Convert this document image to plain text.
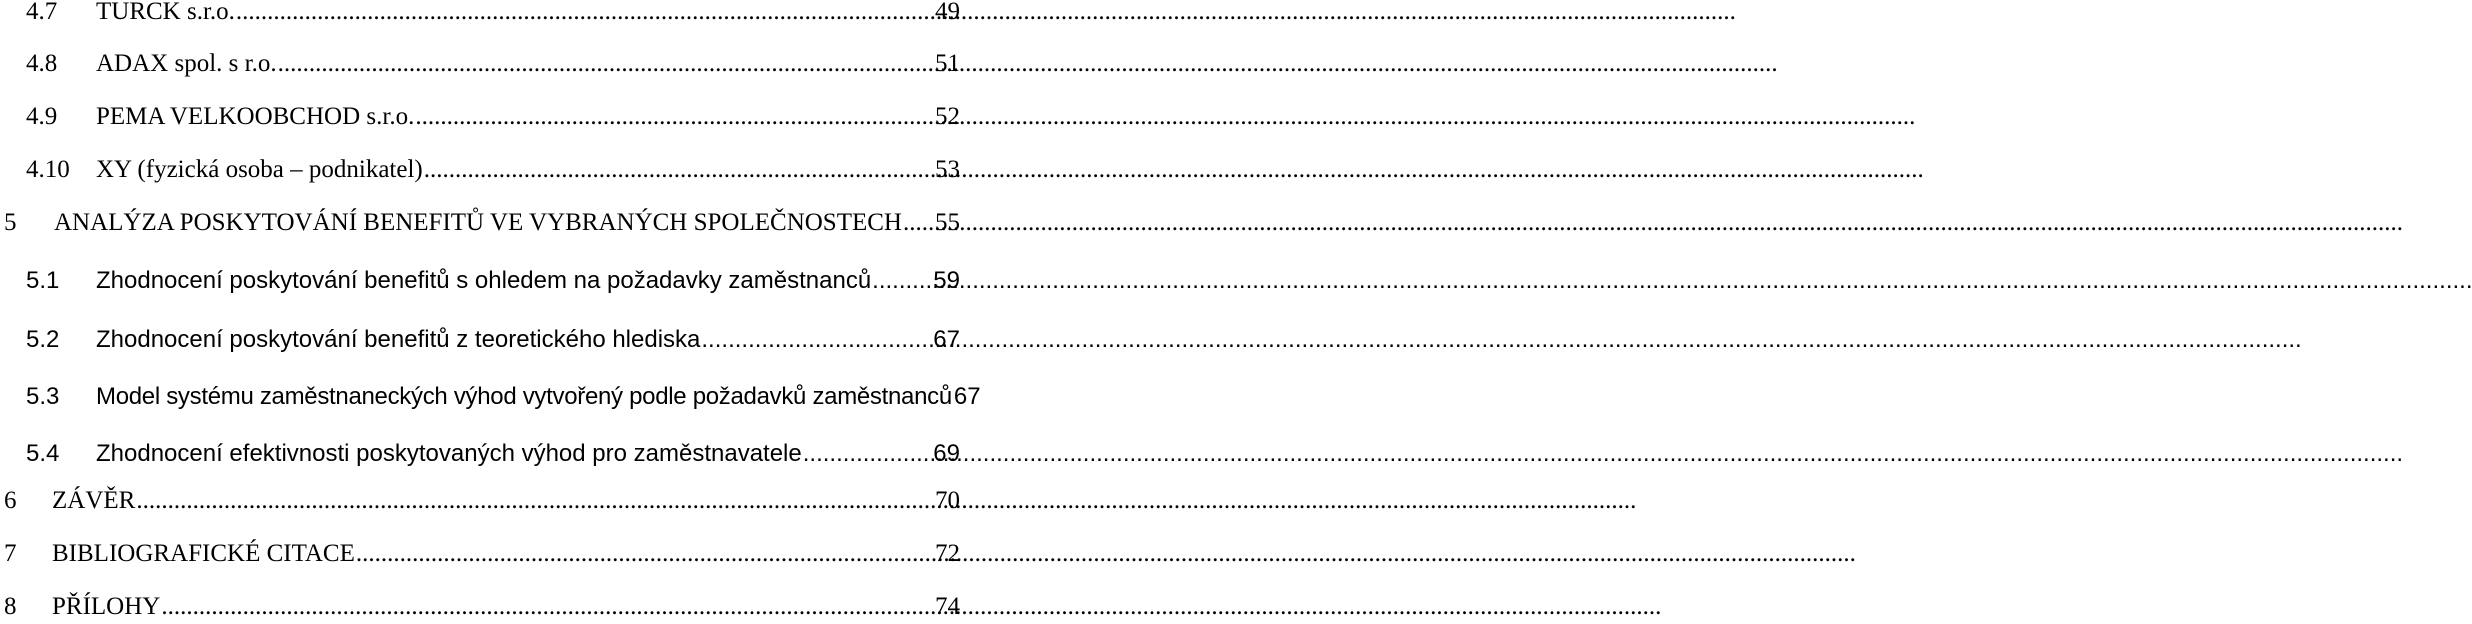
4.7	TURCK s.r.o. .....	49
4.8	ADAX spol. s r.o. .....	51
4.9	PEMA VELKOOBCHOD s.r.o. .....	52
4.10	XY (fyzická osoba – podnikatel) .....	53
5	ANALÝZA POSKYTOVÁNÍ BENEFITŮ VE VYBRANÝCH SPOLEČNOSTECH ..... 55
5.1	Zhodnocení poskytování benefitů s ohledem na požadavky zaměstnanců .....	59
5.2	Zhodnocení poskytování benefitů z teoretického hlediska .....	67
5.3	Model systému zaměstnaneckých výhod vytvořený podle požadavků zaměstnanců 67
5.4	Zhodnocení efektivnosti poskytovaných výhod pro zaměstnavatele .....	69
6	ZÁVĚR .....	70
7	BIBLIOGRAFICKÉ CITACE .....	72
8	PŘÍLOHY .....	74
